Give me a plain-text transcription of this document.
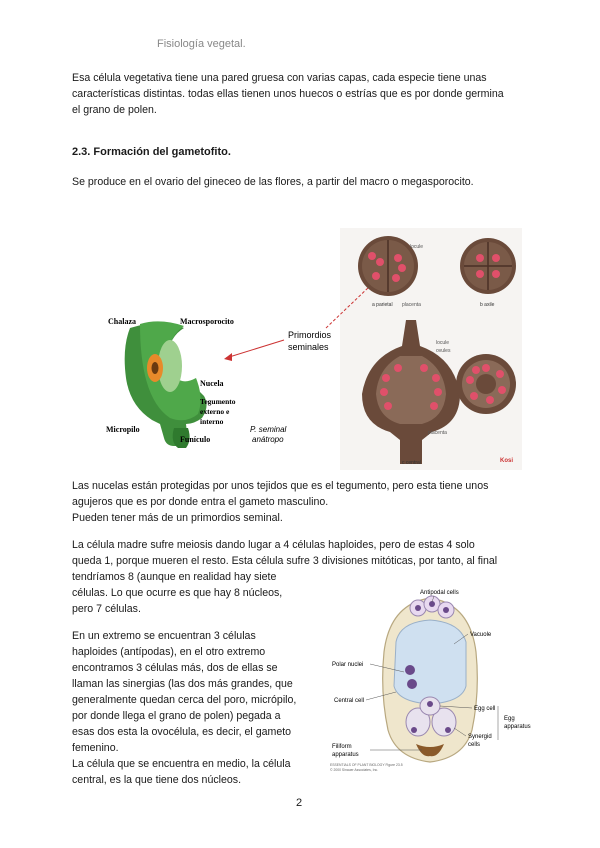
Fisiología vegetal.
Esa célula vegetativa tiene una pared gruesa con varias capas, cada especie tiene unas
características distintas. todas ellas tienen unos huecos o estrías que es por donde germina
el grano de polen.
2.3. Formación del gametofito.
Se produce en el ovario del gineceo de las flores, a partir del macro o megasporocito.
Chalaza	Macrosporocito
Nucela
Tegumento
externo e
interno
Micropilo
Funículo
P. seminal
anátropo
Primordios
seminales
locule
placenta
a parietal	b axile
locule
ovules
placenta
c central	Kosi
Las nucelas están protegidas por unos tejidos que es el tegumento, pero esta tiene unos
agujeros que es por donde entra el gameto masculino.
Pueden tener más de un primordios seminal.
La célula madre sufre meiosis dando lugar a 4 células haploides, pero de estas 4 solo
queda 1, porque mueren el resto. Esta célula sufre 3 divisiones mitóticas, por tanto, al final
tendríamos 8 (aunque en realidad hay siete
células. Lo que ocurre es que hay 8 núcleos,
pero 7 células.
En un extremo se encuentran 3 células
haploides (antípodas), en el otro extremo
encontramos 3 células más, dos de ellas se
llaman las sinergias (las dos más grandes, que
generalmente quedan cerca del poro, micrópilo,
por donde llega el grano de polen) pegada a
esas dos esta la ovocélula, es decir, el gameto
femenino.
La célula que se encuentra en medio, la célula
central, es la que tiene dos núcleos.
Antipodal cells
Vacuole
Polar nuclei
Central cell
Egg cell
Egg
apparatus
Synergid
cells
Filiform
apparatus
ESSENTIALS OF PLANT BIOLOGY Figure 23.5
© 2000 Sinauer Associates, Inc.
2
